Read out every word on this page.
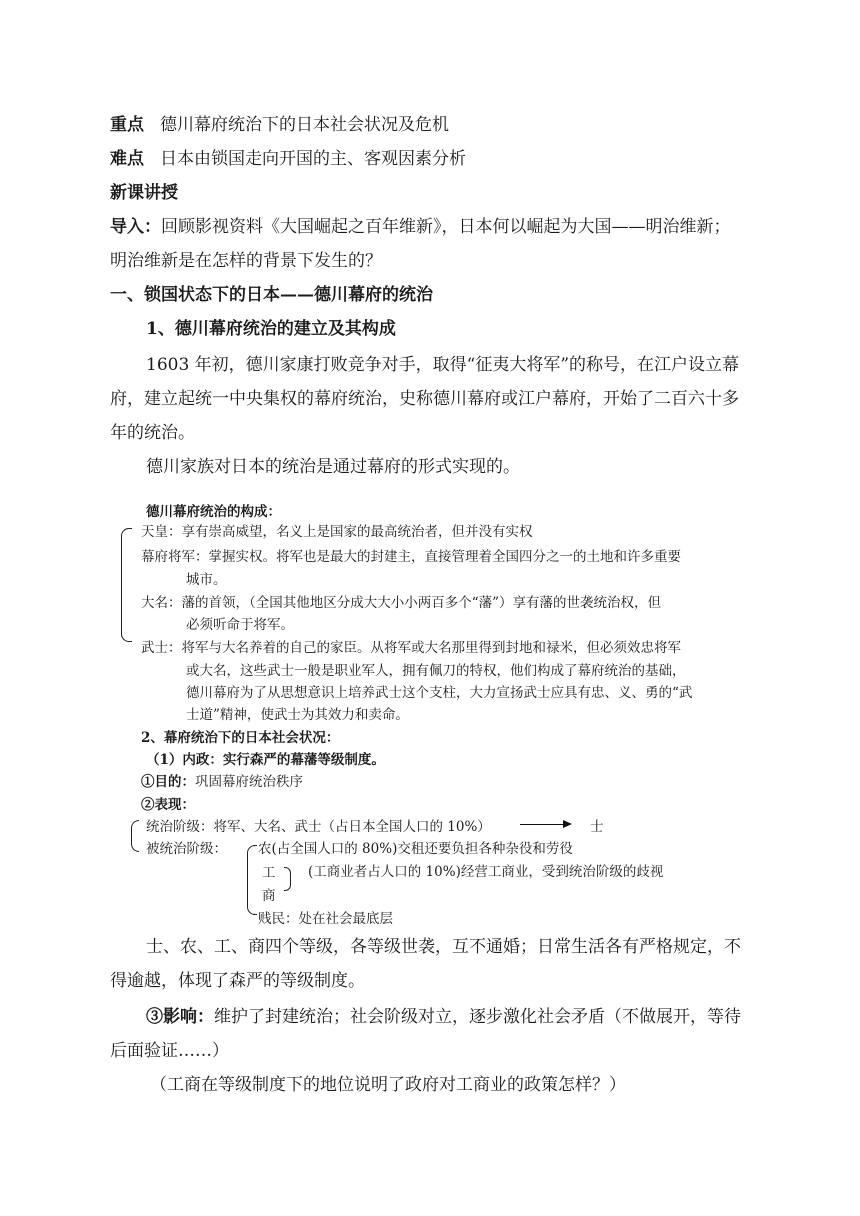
重点 德川幕府统治下的日本社会状况及危机
难点 日本由锁国走向开国的主、客观因素分析
新课讲授
导入：回顾影视资料《大国崛起之百年维新》，日本何以崛起为大国——明治维新；
明治维新是在怎样的背景下发生的？
一、锁国状态下的日本——德川幕府的统治
1、德川幕府统治的建立及其构成
1603 年初，德川家康打败竞争对手，取得“征夷大将军”的称号，在江户设立幕
府，建立起统一中央集权的幕府统治，史称德川幕府或江户幕府，开始了二百六十多
年的统治。
德川家族对日本的统治是通过幕府的形式实现的。
德川幕府统治的构成：
天皇：享有崇高威望，名义上是国家的最高统治者，但并没有实权
幕府将军：掌握实权。将军也是最大的封建主，直接管理着全国四分之一的土地和许多重要
城市。
大名：藩的首领，（全国其他地区分成大大小小两百多个“藩”）享有藩的世袭统治权，但
必须听命于将军。
武士：将军与大名养着的自己的家臣。从将军或大名那里得到封地和禄米，但必须效忠将军
或大名，这些武士一般是职业军人，拥有佩刀的特权，他们构成了幕府统治的基础，
德川幕府为了从思想意识上培养武士这个支柱，大力宣扬武士应具有忠、义、勇的“武
士道”精神，使武士为其效力和卖命。
2、幕府统治下的日本社会状况：
（1）内政：实行森严的幕藩等级制度。
①目的：巩固幕府统治秩序
②表现：
统治阶级：将军、大名、武士（占日本全国人口的 10%）	士
被统治阶级： 农(占全国人口的 80%)交租还要负担各种杂役和劳役
工
商
(工商业者占人口的 10%)经营工商业，受到统治阶级的歧视
贱民：处在社会最底层
士、农、工、商四个等级，各等级世袭，互不通婚；日常生活各有严格规定，不
得逾越，体现了森严的等级制度。
③影响：维护了封建统治；社会阶级对立，逐步激化社会矛盾（不做展开，等待
后面验证……）
（工商在等级制度下的地位说明了政府对工商业的政策怎样？）
